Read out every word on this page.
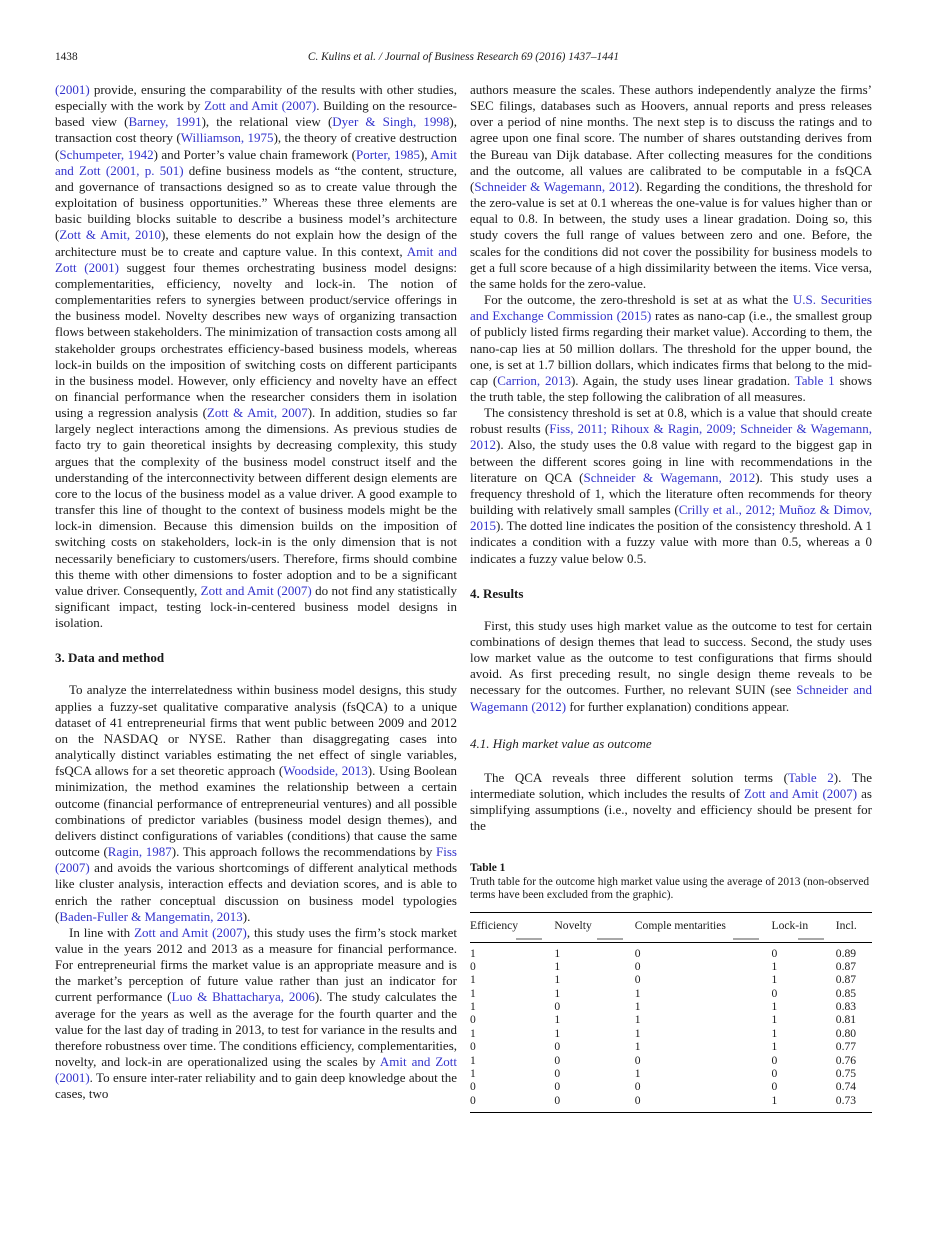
1438	C. Kulins et al. / Journal of Business Research 69 (2016) 1437–1441

(2001) provide, ensuring the comparability of the results with other studies, especially with the work by Zott and Amit (2007). Building on the resource-based view (Barney, 1991), the relational view (Dyer & Singh, 1998), transaction cost theory (Williamson, 1975), the theory of creative destruction (Schumpeter, 1942) and Porter’s value chain framework (Porter, 1985), Amit and Zott (2001, p. 501) define business models as “the content, structure, and governance of transactions designed so as to create value through the exploitation of business opportunities.” Whereas these three elements are basic building blocks suitable to describe a business model’s architecture (Zott & Amit, 2010), these elements do not explain how the design of the architecture must be to create and capture value. In this context, Amit and Zott (2001) suggest four themes orchestrating business model designs: complementarities, efficiency, novelty and lock-in. The notion of complementarities refers to synergies between product/service offerings in the business model. Novelty describes new ways of organizing transaction flows between stakeholders. The minimization of transaction costs among all stakeholder groups orchestrates efficiency-based business models, whereas lock-in builds on the imposition of switching costs on different participants in the business model. However, only efficiency and novelty have an effect on financial performance when the researcher considers them in isolation using a regression analysis (Zott & Amit, 2007). In addition, studies so far largely neglect interactions among the dimensions. As previous studies de facto try to gain theoretical insights by decreasing complexity, this study argues that the complexity of the business model construct itself and the understanding of the interconnectivity between different design elements are core to the locus of the business model as a value driver. A good example to transfer this line of thought to the context of business models might be the lock-in dimension. Because this dimension builds on the imposition of switching costs on stakeholders, lock-in is the only dimension that is not necessarily beneficiary to customers/users. Therefore, firms should combine this theme with other dimensions to foster adoption and to be a significant value driver. Consequently, Zott and Amit (2007) do not find any statistically significant impact, testing lock-in-centered business model designs in isolation.

3. Data and method

To analyze the interrelatedness within business model designs, this study applies a fuzzy-set qualitative comparative analysis (fsQCA) to a unique dataset of 41 entrepreneurial firms that went public between 2009 and 2012 on the NASDAQ or NYSE. Rather than disaggregating cases into analytically distinct variables estimating the net effect of single variables, fsQCA allows for a set theoretic approach (Woodside, 2013). Using Boolean minimization, the method examines the relationship between a certain outcome (financial performance of entrepreneurial ventures) and all possible combinations of predictor variables (business model design themes), and delivers distinct configurations of variables (conditions) that cause the same outcome (Ragin, 1987). This approach follows the recommendations by Fiss (2007) and avoids the various shortcomings of different analytical methods like cluster analysis, interaction effects and deviation scores, and is able to enrich the rather conceptual discussion on business model typologies (Baden-Fuller & Mangematin, 2013).

In line with Zott and Amit (2007), this study uses the firm’s stock market value in the years 2012 and 2013 as a measure for financial performance. For entrepreneurial firms the market value is an appropriate measure and is the market’s perception of future value rather than just an indicator for current performance (Luo & Bhattacharya, 2006). The study calculates the average for the years as well as the average for the fourth quarter and the value for the last day of trading in 2013, to test for variance in the results and therefore robustness over time. The conditions efficiency, complementarities, novelty, and lock-in are operationalized using the scales by Amit and Zott (2001). To ensure inter-rater reliability and to gain deep knowledge about the cases, two

authors measure the scales. These authors independently analyze the firms’ SEC filings, databases such as Hoovers, annual reports and press releases over a period of nine months. The next step is to discuss the ratings and to agree upon one final score. The number of shares outstanding derives from the Bureau van Dijk database. After collecting measures for the conditions and the outcome, all values are calibrated to be computable in a fsQCA (Schneider & Wagemann, 2012). Regarding the conditions, the threshold for the zero-value is set at 0.1 whereas the one-value is for values higher than or equal to 0.8. In between, the study uses a linear gradation. Doing so, this study covers the full range of values between zero and one. Before, the scales for the conditions did not cover the possibility for business models to get a full score because of a high dissimilarity between the items. Vice versa, the same holds for the zero-value.

For the outcome, the zero-threshold is set at as what the U.S. Securities and Exchange Commission (2015) rates as nano-cap (i.e., the smallest group of publicly listed firms regarding their market value). According to them, the nano-cap lies at 50 million dollars. The threshold for the upper bound, the one, is set at 1.7 billion dollars, which indicates firms that belong to the mid-cap (Carrion, 2013). Again, the study uses linear gradation. Table 1 shows the truth table, the step following the calibration of all measures.

The consistency threshold is set at 0.8, which is a value that should create robust results (Fiss, 2011; Rihoux & Ragin, 2009; Schneider & Wagemann, 2012). Also, the study uses the 0.8 value with regard to the biggest gap in between the different scores going in line with recommendations in the literature on QCA (Schneider & Wagemann, 2012). This study uses a frequency threshold of 1, which the literature often recommends for theory building with relatively small samples (Crilly et al., 2012; Muñoz & Dimov, 2015). The dotted line indicates the position of the consistency threshold. A 1 indicates a condition with a fuzzy value with more than 0.5, whereas a 0 indicates a fuzzy value below 0.5.

4. Results

First, this study uses high market value as the outcome to test for certain combinations of design themes that lead to success. Second, the study uses low market value as the outcome to test configurations that firms should avoid. As first preceding result, no single design theme reveals to be necessary for the outcomes. Further, no relevant SUIN (see Schneider and Wagemann (2012) for further explanation) conditions appear.

4.1. High market value as outcome

The QCA reveals three different solution terms (Table 2). The intermediate solution, which includes the results of Zott and Amit (2007) as simplifying assumptions (i.e., novelty and efficiency should be present for the

Table 1
Truth table for the outcome high market value using the average of 2013 (non-observed terms have been excluded from the graphic).
Efficiency	Novelty	Comple mentarities	Lock-in	Incl.
1	1	0	0	0.89
0	1	0	1	0.87
1	1	0	1	0.87
1	1	1	0	0.85
1	0	1	1	0.83
0	1	1	1	0.81
1	1	1	1	0.80
0	0	1	1	0.77
1	0	0	0	0.76
1	0	1	0	0.75
0	0	0	0	0.74
0	0	0	1	0.73
